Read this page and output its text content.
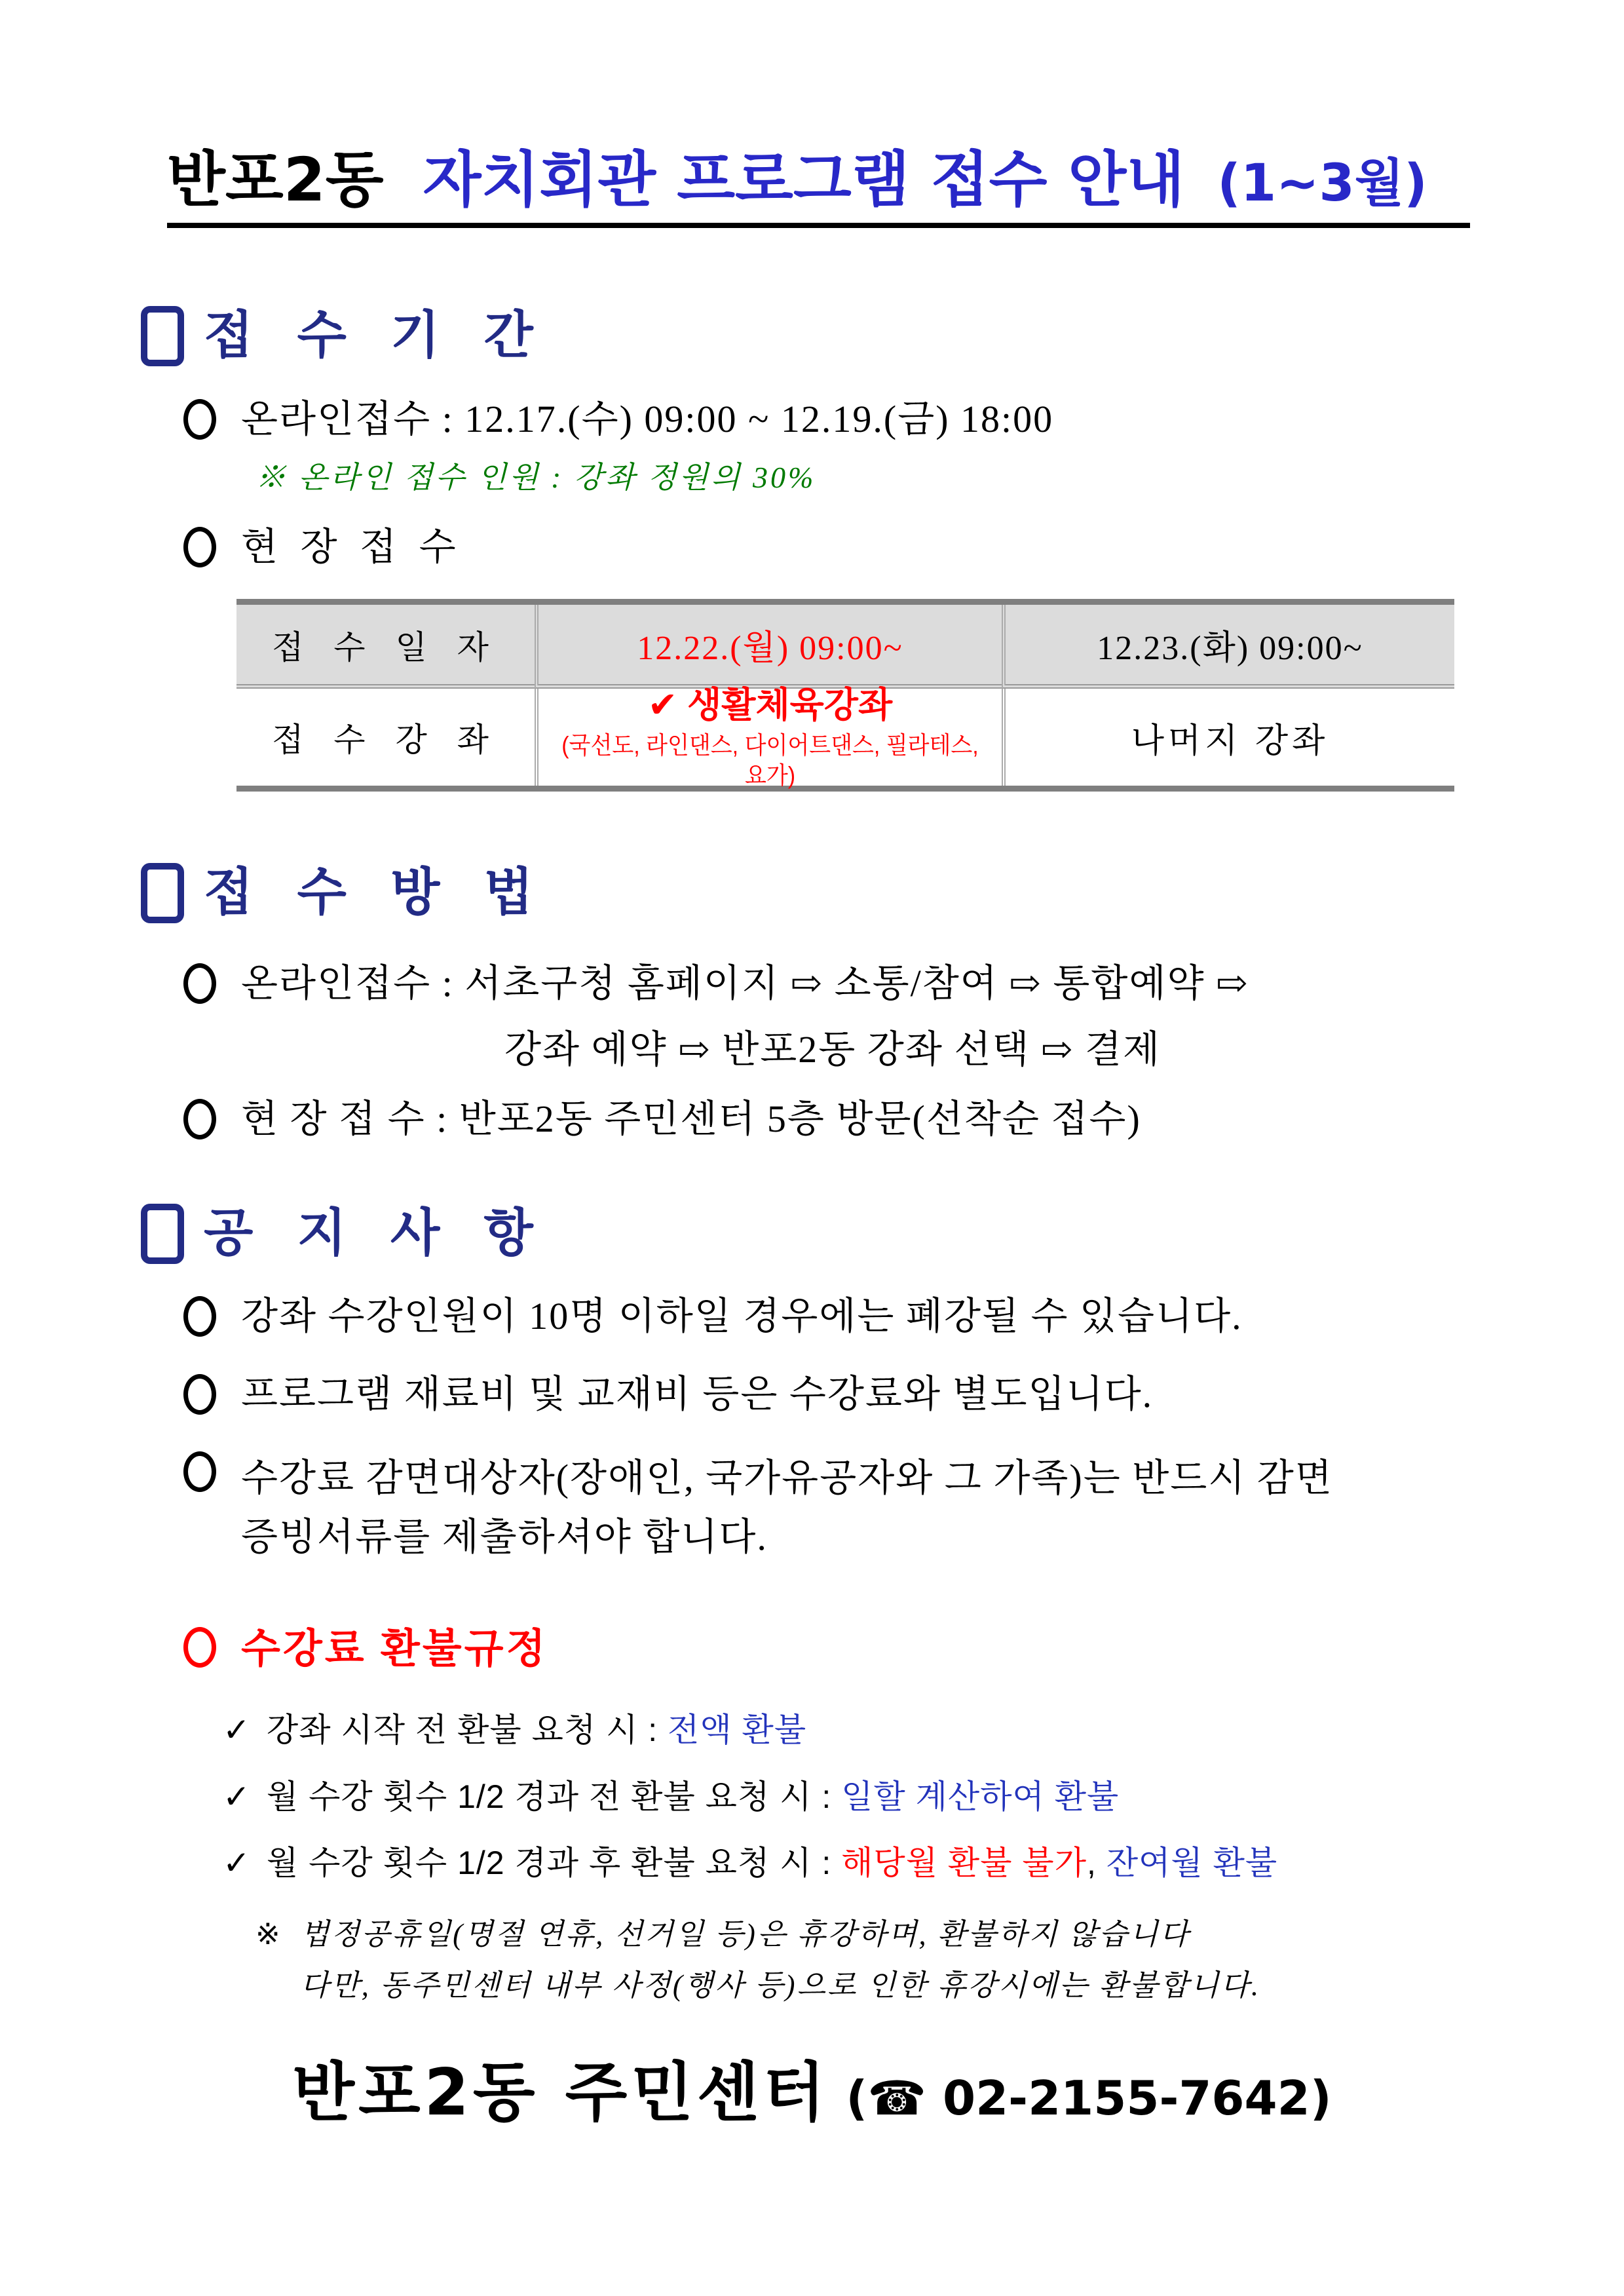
반포2동 자치회관 프로그램 접수 안내 (1~3월)
접 수 기 간
온라인접수 : 12.17.(수) 09:00 ~ 12.19.(금) 18:00
※ 온라인 접수 인원 : 강좌 정원의 30%
현 장 접 수
접 수 일 자	12.22.(월) 09:00~	12.23.(화) 09:00~
접 수 강 좌
✔ 생활체육강좌
(국선도, 라인댄스, 다이어트댄스, 필라테스, 요가)
나머지 강좌
접 수 방 법
온라인접수 : 서초구청 홈페이지 ⇨ 소통/참여 ⇨ 통합예약 ⇨
강좌 예약 ⇨ 반포2동 강좌 선택 ⇨ 결제
현 장 접 수 : 반포2동 주민센터 5층 방문(선착순 접수)
공 지 사 항
강좌 수강인원이 10명 이하일 경우에는 폐강될 수 있습니다.
프로그램 재료비 및 교재비 등은 수강료와 별도입니다.
수강료 감면대상자(장애인, 국가유공자와 그 가족)는 반드시 감면
증빙서류를 제출하셔야 합니다.
수강료 환불규정
✓ 강좌 시작 전 환불 요청 시 : 전액 환불
✓ 월 수강 횟수 1/2 경과 전 환불 요청 시 : 일할 계산하여 환불
✓ 월 수강 횟수 1/2 경과 후 환불 요청 시 : 해당월 환불 불가, 잔여월 환불
※ 법정공휴일(명절 연휴, 선거일 등)은 휴강하며, 환불하지 않습니다
다만, 동주민센터 내부 사정(행사 등)으로 인한 휴강시에는 환불합니다.
반포2동 주민센터 (☎ 02-2155-7642)
